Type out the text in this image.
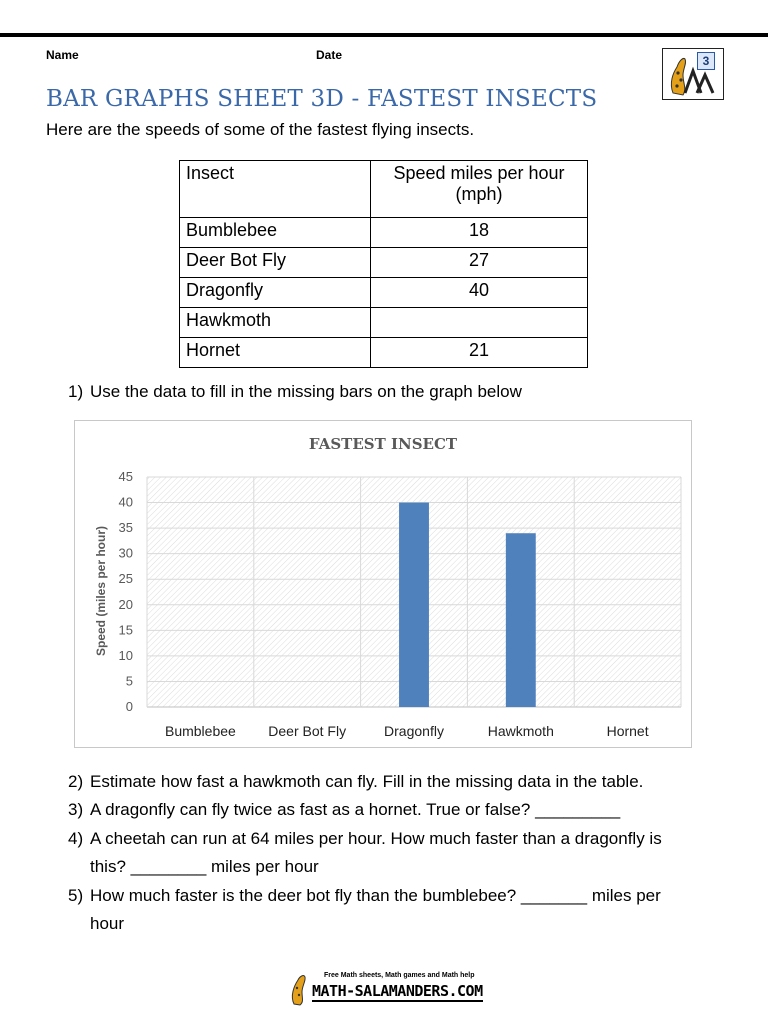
Name	Date	3
BAR GRAPHS SHEET 3D - FASTEST INSECTS
Here are the speeds of some of the fastest flying insects.
Insect	Speed miles per hour (mph)
Bumblebee	18
Deer Bot Fly	27
Dragonfly	40
Hawkmoth	
Hornet	21
1) Use the data to fill in the missing bars on the graph below
FASTEST INSECT
0
5
10
15
20
25
30
35
40
45
Bumblebee Deer Bot Fly	Dragonfly	Hawkmoth	Hornet
Speed (miles per hour)
2) Estimate how fast a hawkmoth can fly. Fill in the missing data in the table.
3) A dragonfly can fly twice as fast as a hornet. True or false? _________
4) A cheetah can run at 64 miles per hour. How much faster than a dragonfly is
this? ________ miles per hour
5) How much faster is the deer bot fly than the bumblebee? _______ miles per
hour
Free Math sheets, Math games and Math help
MATH-SALAMANDERS.COM
